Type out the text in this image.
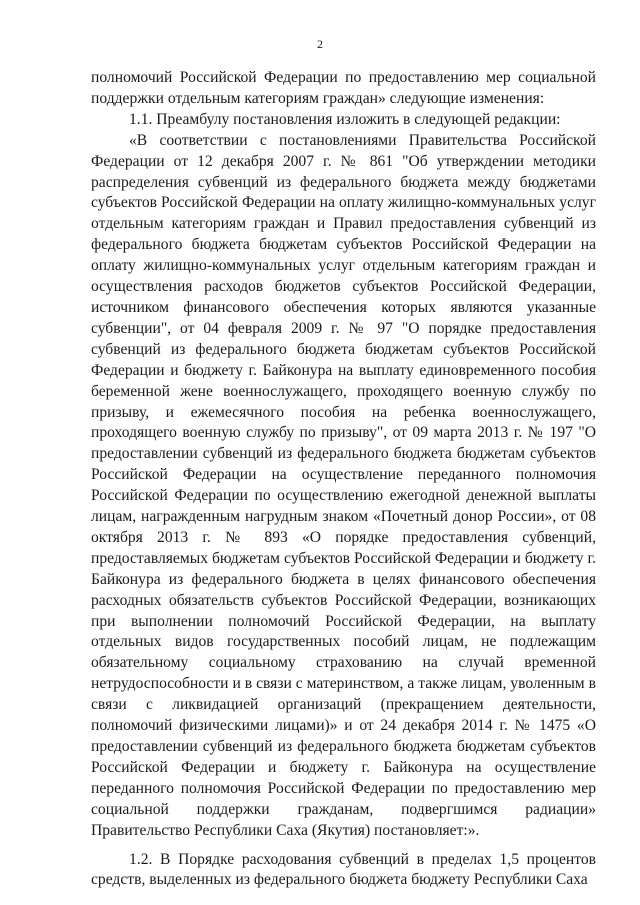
2

полномочий Российской Федерации по предоставлению мер социальной поддержки отдельным категориям граждан» следующие изменения:

1.1. Преамбулу постановления изложить в следующей редакции:

«В соответствии с постановлениями Правительства Российской Федерации от 12 декабря 2007 г. № 861 "Об утверждении методики распределения субвенций из федерального бюджета между бюджетами субъектов Российской Федерации на оплату жилищно-коммунальных услуг отдельным категориям граждан и Правил предоставления субвенций из федерального бюджета бюджетам субъектов Российской Федерации на оплату жилищно-коммунальных услуг отдельным категориям граждан и осуществления расходов бюджетов субъектов Российской Федерации, источником финансового обеспечения которых являются указанные субвенции", от 04 февраля 2009 г. № 97 "О порядке предоставления субвенций из федерального бюджета бюджетам субъектов Российской Федерации и бюджету г. Байконура на выплату единовременного пособия беременной жене военнослужащего, проходящего военную службу по призыву, и ежемесячного пособия на ребенка военнослужащего, проходящего военную службу по призыву", от 09 марта 2013 г. № 197 "О предоставлении субвенций из федерального бюджета бюджетам субъектов Российской Федерации на осуществление переданного полномочия Российской Федерации по осуществлению ежегодной денежной выплаты лицам, награжденным нагрудным знаком «Почетный донор России», от 08 октября 2013 г. № 893 «О порядке предоставления субвенций, предоставляемых бюджетам субъектов Российской Федерации и бюджету г. Байконура из федерального бюджета в целях финансового обеспечения расходных обязательств субъектов Российской Федерации, возникающих при выполнении полномочий Российской Федерации, на выплату отдельных видов государственных пособий лицам, не подлежащим обязательному социальному страхованию на случай временной нетрудоспособности и в связи с материнством, а также лицам, уволенным в связи с ликвидацией организаций (прекращением деятельности, полномочий физическими лицами)» и от 24 декабря 2014 г. № 1475 «О предоставлении субвенций из федерального бюджета бюджетам субъектов Российской Федерации и бюджету г. Байконура на осуществление переданного полномочия Российской Федерации по предоставлению мер социальной поддержки гражданам, подвергшимся радиации» Правительство Республики Саха (Якутия) постановляет:».

1.2. В Порядке расходования субвенций в пределах 1,5 процентов средств, выделенных из федерального бюджета бюджету Республики Саха
